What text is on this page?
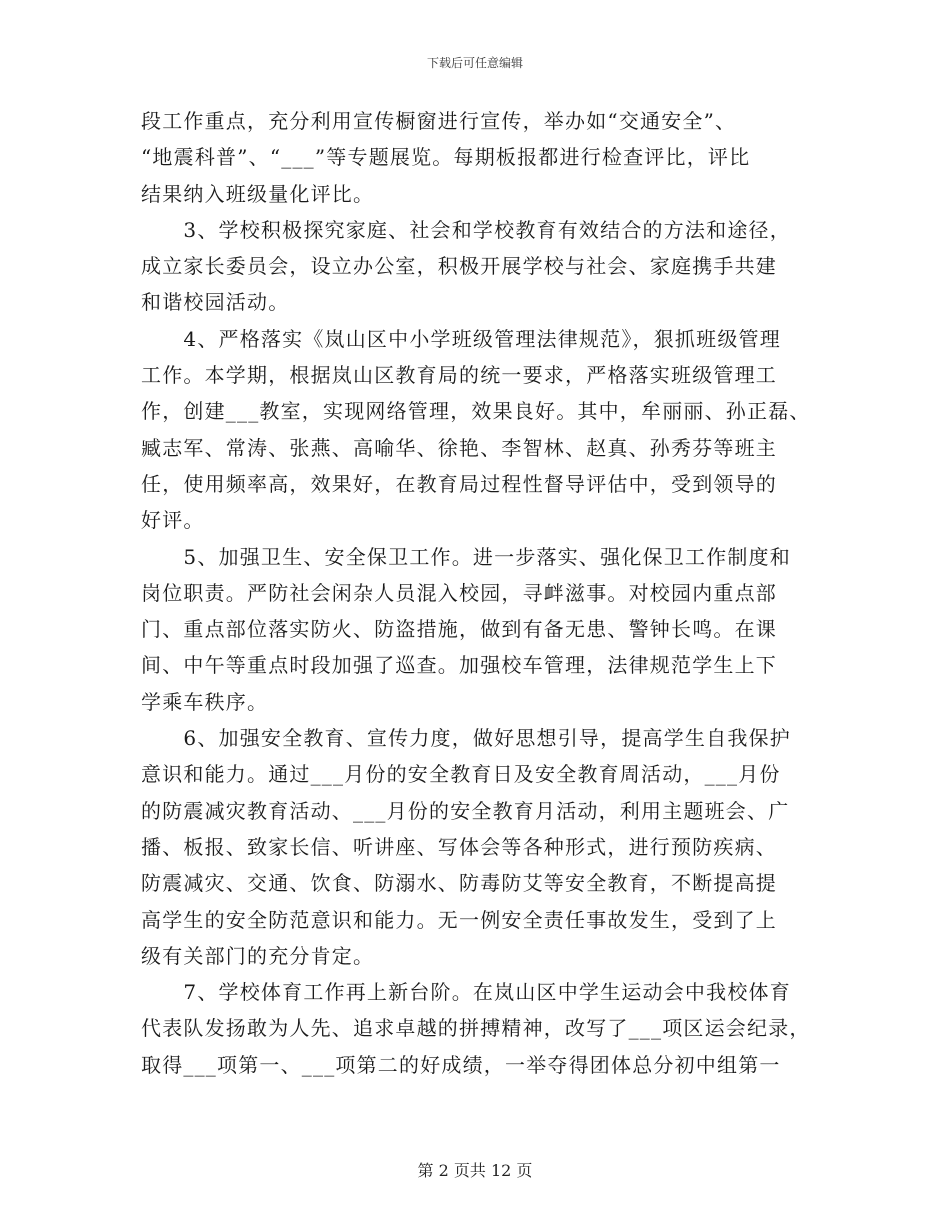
下载后可任意编辑

段工作重点，充分利用宣传橱窗进行宣传，举办如“交通安全”、
“地震科普”、“___”等专题展览。每期板报都进行检查评比，评比
结果纳入班级量化评比。

　　3、学校积极探究家庭、社会和学校教育有效结合的方法和途径，
成立家长委员会，设立办公室，积极开展学校与社会、家庭携手共建
和谐校园活动。

　　4、严格落实《岚山区中小学班级管理法律规范》，狠抓班级管理
工作。本学期，根据岚山区教育局的统一要求，严格落实班级管理工
作，创建___教室，实现网络管理，效果良好。其中，牟丽丽、孙正磊、
臧志军、常涛、张燕、高喻华、徐艳、李智林、赵真、孙秀芬等班主
任，使用频率高，效果好，在教育局过程性督导评估中，受到领导的
好评。

　　5、加强卫生、安全保卫工作。进一步落实、强化保卫工作制度和
岗位职责。严防社会闲杂人员混入校园，寻衅滋事。对校园内重点部
门、重点部位落实防火、防盗措施，做到有备无患、警钟长鸣。在课
间、中午等重点时段加强了巡查。加强校车管理，法律规范学生上下
学乘车秩序。

　　6、加强安全教育、宣传力度，做好思想引导，提高学生自我保护
意识和能力。通过___月份的安全教育日及安全教育周活动，___月份
的防震减灾教育活动、___月份的安全教育月活动，利用主题班会、广
播、板报、致家长信、听讲座、写体会等各种形式，进行预防疾病、
防震减灾、交通、饮食、防溺水、防毒防艾等安全教育，不断提高提
高学生的安全防范意识和能力。无一例安全责任事故发生，受到了上
级有关部门的充分肯定。

　　7、学校体育工作再上新台阶。在岚山区中学生运动会中我校体育
代表队发扬敢为人先、追求卓越的拼搏精神，改写了___项区运会纪录，
取得___项第一、___项第二的好成绩，一举夺得团体总分初中组第一

第 2 页共 12 页
